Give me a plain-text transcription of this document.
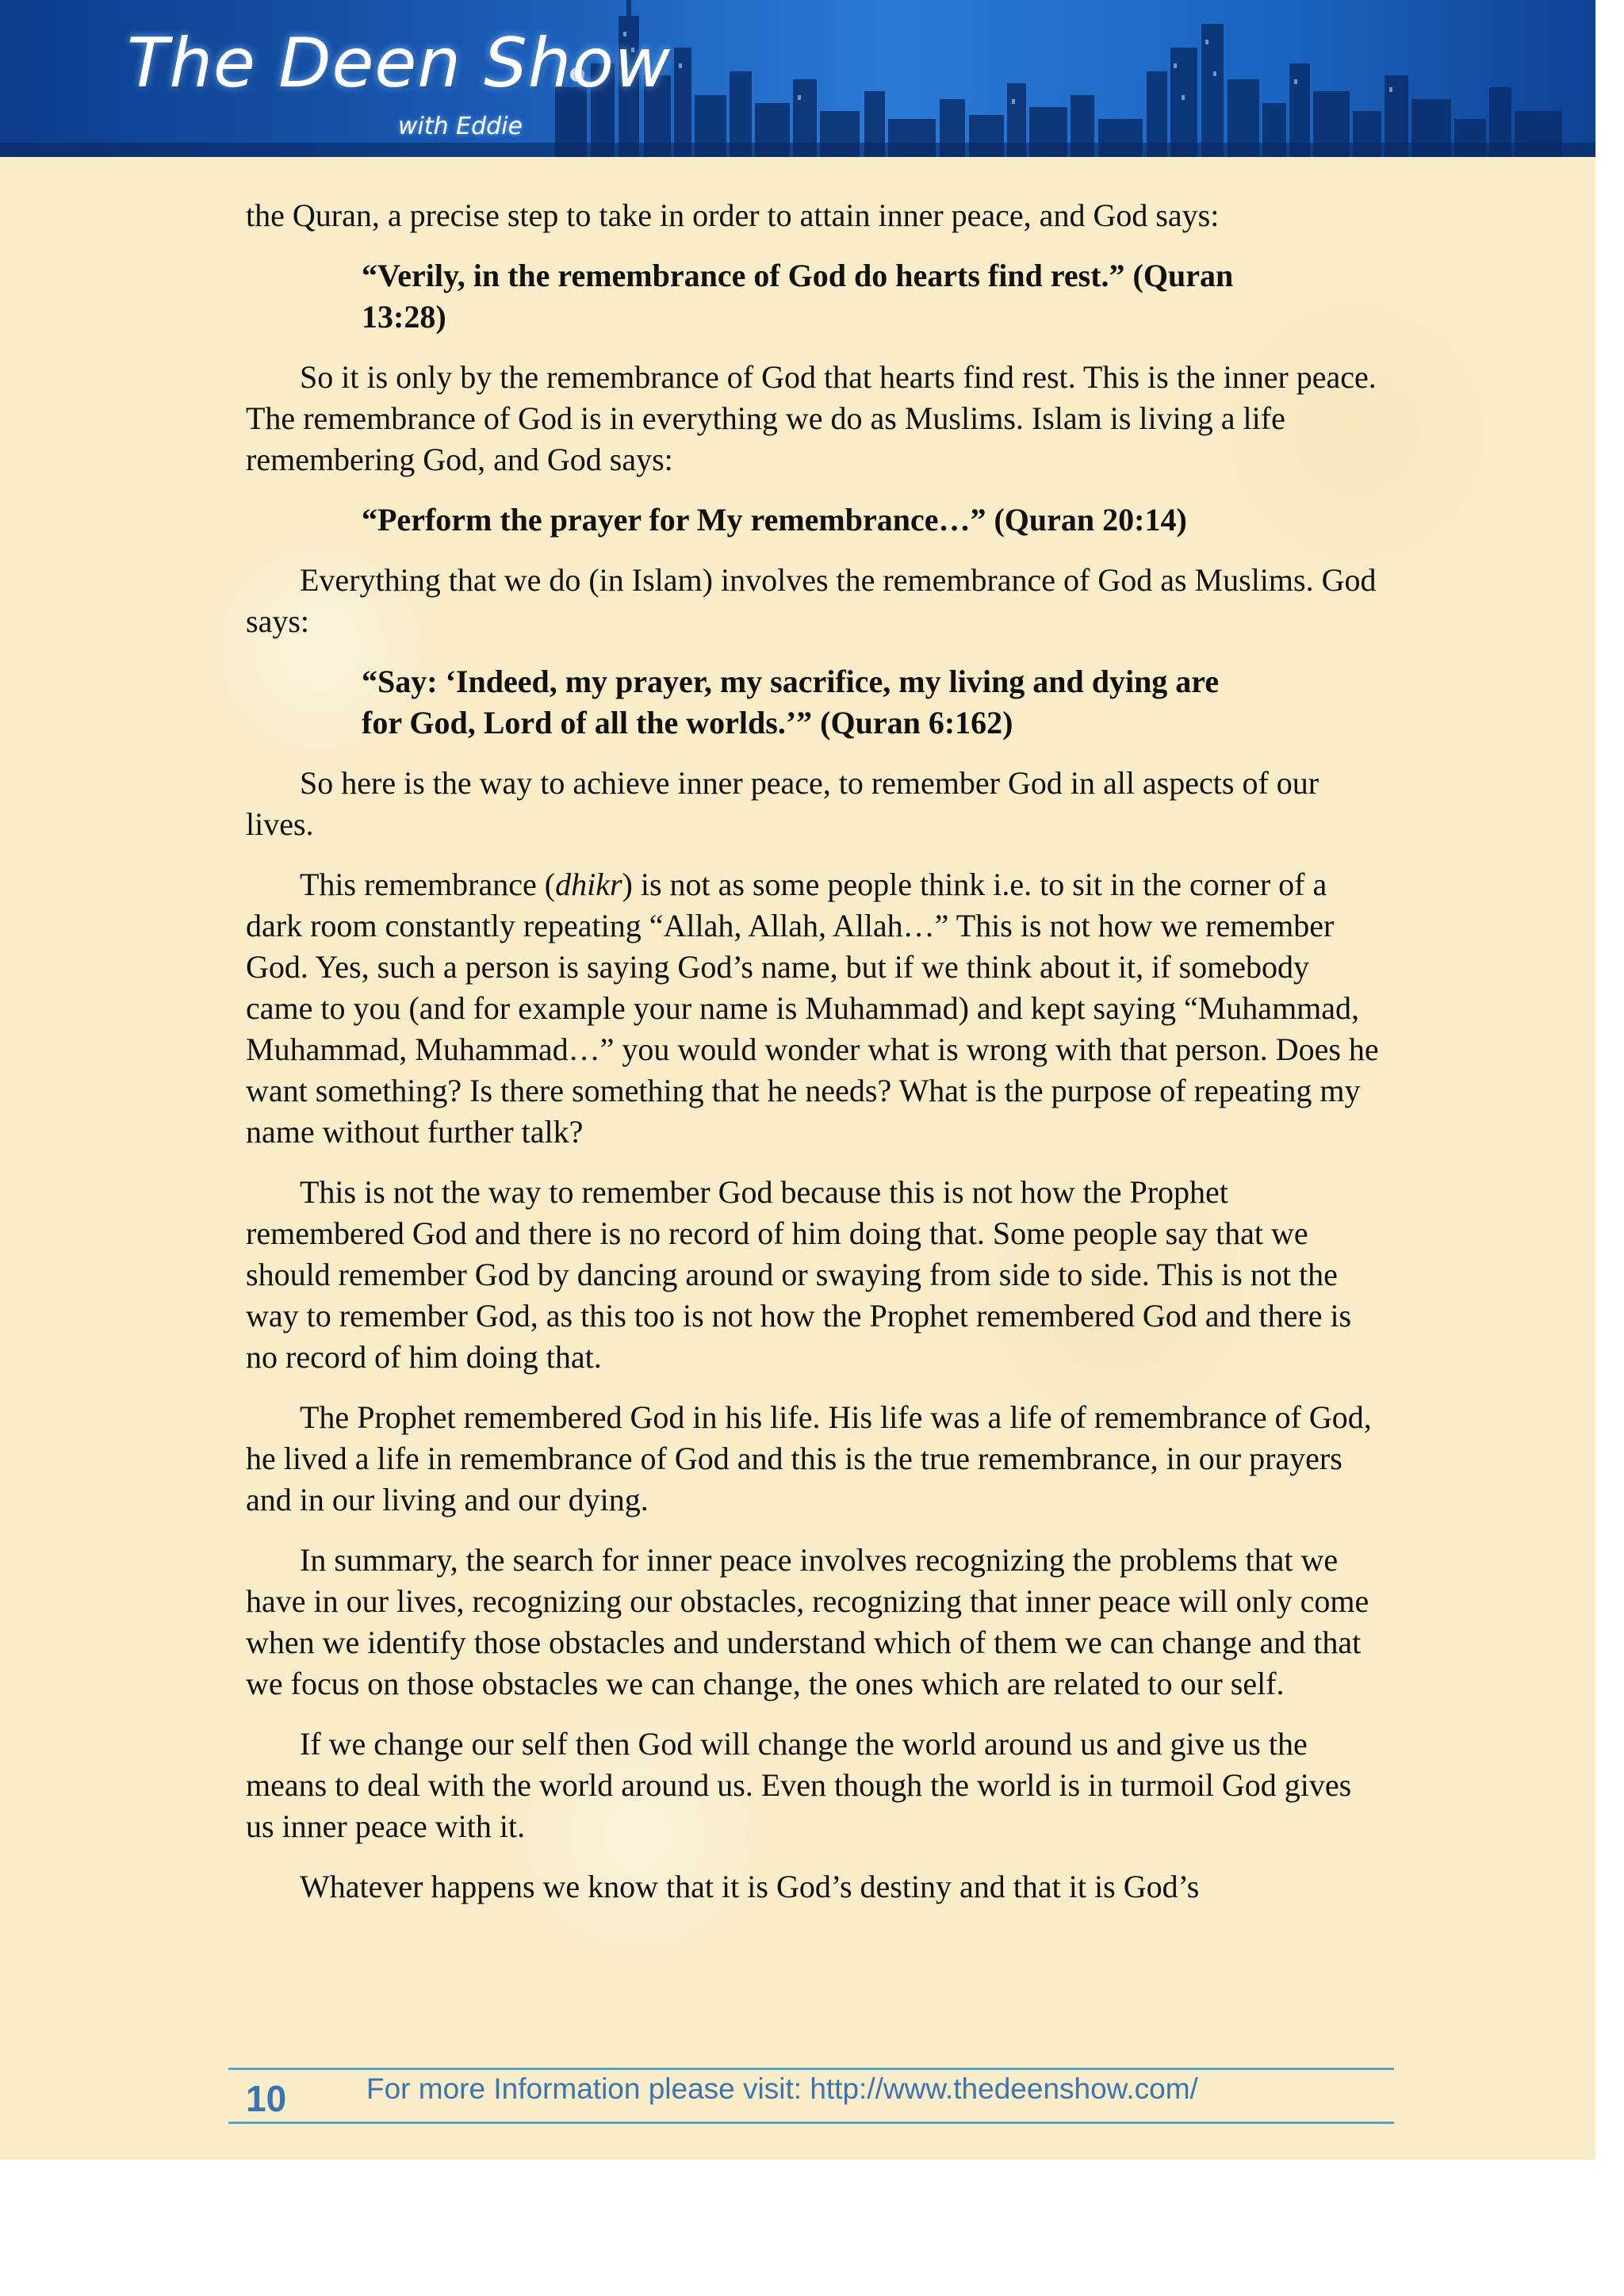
The Deen Show
with Eddie

the Quran, a precise step to take in order to attain inner peace, and God says:

“Verily, in the remembrance of God do hearts find rest.” (Quran 13:28)

So it is only by the remembrance of God that hearts find rest. This is the inner peace. The remembrance of God is in everything we do as Muslims. Islam is living a life remembering God, and God says:

“Perform the prayer for My remembrance…” (Quran 20:14)

Everything that we do (in Islam) involves the remembrance of God as Muslims. God says:

“Say: ‘Indeed, my prayer, my sacrifice, my living and dying are for God, Lord of all the worlds.’” (Quran 6:162)

So here is the way to achieve inner peace, to remember God in all aspects of our lives.

This remembrance (dhikr) is not as some people think i.e. to sit in the corner of a dark room constantly repeating “Allah, Allah, Allah…” This is not how we remember God. Yes, such a person is saying God’s name, but if we think about it, if somebody came to you (and for example your name is Muhammad) and kept saying “Muhammad, Muhammad, Muhammad…” you would wonder what is wrong with that person. Does he want something? Is there something that he needs? What is the purpose of repeating my name without further talk?

This is not the way to remember God because this is not how the Prophet remembered God and there is no record of him doing that. Some people say that we should remember God by dancing around or swaying from side to side. This is not the way to remember God, as this too is not how the Prophet remembered God and there is no record of him doing that.

The Prophet remembered God in his life. His life was a life of remembrance of God, he lived a life in remembrance of God and this is the true remembrance, in our prayers and in our living and our dying.

In summary, the search for inner peace involves recognizing the problems that we have in our lives, recognizing our obstacles, recognizing that inner peace will only come when we identify those obstacles and understand which of them we can change and that we focus on those obstacles we can change, the ones which are related to our self.

If we change our self then God will change the world around us and give us the means to deal with the world around us. Even though the world is in turmoil God gives us inner peace with it.

Whatever happens we know that it is God’s destiny and that it is God’s

10	For more Information please visit: http://www.thedeenshow.com/
